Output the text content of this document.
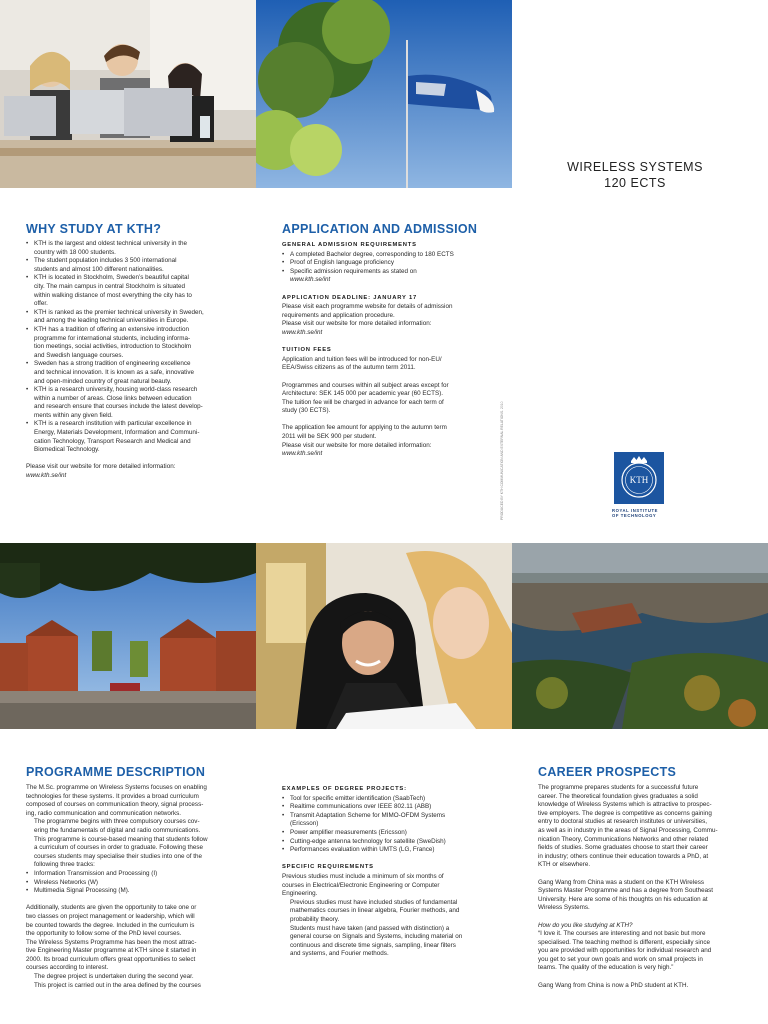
WIRELESS SYSTEMS
120 ECTS
WHY STUDY AT KTH?
• KTH is the largest and oldest technical university in the
country with 18 000 students.
• The student population includes 3 500 international
students and almost 100 different nationalities.
• KTH is located in Stockholm, Sweden’s beautiful capital
city. The main campus in central Stockholm is situated
within walking distance of most everything the city has to
offer.
• KTH is ranked as the premier technical university in Sweden,
and among the leading technical universities in Europe.
• KTH has a tradition of offering an extensive introduction
programme for international students, including informa-
tion meetings, social activities, introduction to Stockholm
and Swedish language courses.
• Sweden has a strong tradition of engineering excellence
and technical innovation. It is known as a safe, innovative
and open-minded country of great natural beauty.
• KTH is a research university, housing world-class research
within a number of areas. Close links between education
and research ensure that courses include the latest develop-
ments within any given field.
• KTH is a research institution with particular excellence in
Energy, Materials Development, Information and Communi-
cation Technology, Transport Research and Medical and
Biomedical Technology.

Please visit our website for more detailed information:

www.kth.se/int

APPLICATION AND ADMISSION
GENERAL ADMISSION REQUIREMENTS
• A completed Bachelor degree, corresponding to 180 ECTS
• Proof of English language proficiency
• Specific admission requirements as stated on
www.kth.se/int
APPLICATION DEADLINE: JANUARY 17
Please visit each programme website for details of admission
requirements and application procedure.
Please visit our website for more detailed information:

www.kth.se/int

TUITION FEES
Application and tuition fees will be introduced for non-EU/
EEA/Swiss citizens as of the autumn term 2011.
Programmes and courses within all subject areas except for
Architecture: SEK 145 000 per academic year (60 ECTS).
The tuition fee will be charged in advance for each term of
study (30 ECTS).
The application fee amount for applying to the autumn term
2011 will be SEK 900 per student.
Please visit our website for more detailed information:

www.kth.se/int	PRODUCED BY KTH COMMUNICATION AND EXTERNAL RELATIONS. 2010	KTH
ROYAL INSTITUTE
OF TECHNOLOGY
PROGRAMME DESCRIPTION
The M.Sc. programme on Wireless Systems focuses on enabling
technologies for these systems. It provides a broad curriculum
composed of courses on communication theory, signal process-
ing, radio communication and communication networks.
The programme begins with three compulsory courses cov-
ering the fundamentals of digital and radio communications.
This programme is course-based meaning that students follow
a curriculum of courses in order to graduate. Following these
courses students may specialise their studies into one of the
following three tracks:
• Information Transmission and Processing (I)
• Wireless Networks (W)
• Multimedia Signal Processing (M).
Additionally, students are given the opportunity to take one or
two classes on project management or leadership, which will
be counted towards the degree. Included in the curriculum is
the opportunity to follow some of the PhD level courses.
The Wireless Systems Programme has been the most attrac-
tive Engineering Master programme at KTH since it started in
2000. Its broad curriculum offers great opportunities to select
courses according to interest.
The degree project is undertaken during the second year.
This project is carried out in the area defined by the courses
EXAMPLES OF DEGREE PROJECTS:
• Tool for specific emitter identification (SaabTech)
• Realtime communications over IEEE 802.11 (ABB)
• Transmit Adaptation Scheme for MIMO-OFDM Systems
(Ericsson)
• Power amplifier measurements (Ericsson)
• Cutting-edge antenna technology for satellite (SweDish)
• Performances evaluation within UMTS (LG, France)
SPECIFIC REQUIREMENTS
Previous studies must include a minimum of six months of
courses in Electrical/Electronic Engineering or Computer
Engineering.
Previous studies must have included studies of fundamental
mathematics courses in linear algebra, Fourier methods, and
probability theory.
Students must have taken (and passed with distinction) a
general course on Signals and Systems, including material on
continuous and discrete time signals, sampling, linear filters
and systems, and Fourier methods.
CAREER PROSPECTS
The programme prepares students for a successful future
career. The theoretical foundation gives graduates a solid
knowledge of Wireless Systems which is attractive to prospec-
tive employers. The degree is competitive as concerns gaining
entry to doctoral studies at research institutes or universities,
as well as in industry in the areas of Signal Processing, Commu-
nication Theory, Communications Networks and other related
fields of studies. Some graduates choose to start their career
in industry; others continue their education towards a PhD, at
KTH or elsewhere.
Gang Wang from China was a student on the KTH Wireless
Systems Master Programme and has a degree from Southeast
University. Here are some of his thoughts on his education at
Wireless Systems.

How do you like studying at KTH?

“I love it. The courses are interesting and not basic but more
specialised. The teaching method is different, especially since
you are provided with opportunities for individual research and
you get to set your own goals and work on small projects in
teams. The quality of the education is very high.”

Gang Wang from China is now a PhD student at KTH.
